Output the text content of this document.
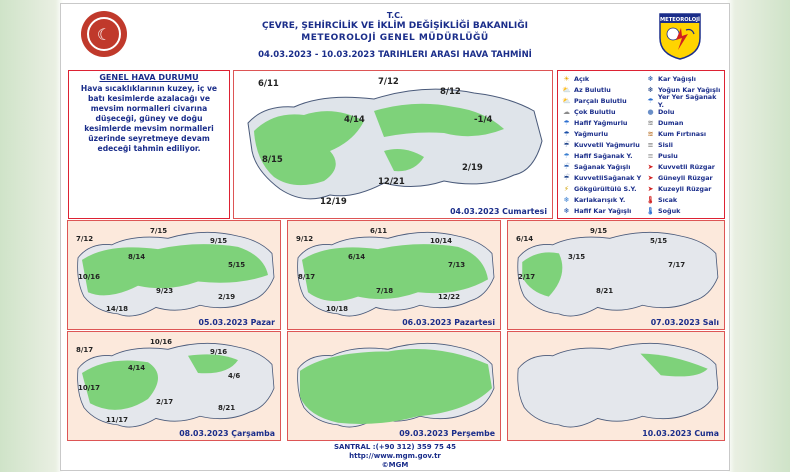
☾
T.C.
ÇEVRE, ŞEHİRCİLİK VE İKLİM DEĞİŞİKLİĞİ BAKANLIĞI
METEOROLOJİ GENEL MÜDÜRLÜĞÜ
04.03.2023 - 10.03.2023 TARIHLERI ARASI HAVA TAHMİNİ
METEOROLOJİ
GENEL HAVA DURUMU
Hava sıcaklıklarının kuzey, iç ve batı kesimlerde azalacağı ve mevsim normalleri civarına düşeceği, güney ve doğu kesimlerde mevsim normalleri üzerinde seyretmeye devam edeceği tahmin ediliyor.
04.03.2023 Cumartesi
6/11	7/12
8/12
4/14	-1/4
8/15
2/19
12/21
12/19
☀ Açık
⛅ Az Bulutlu
⛅ Parçalı Bulutlu
☁ Çok Bulutlu
☂ Hafif Yağmurlu
☂ Yağmurlu
☔ Kuvvetli Yağmurlu
☂ Hafif Sağanak Y.
☔ Sağanak Yağışlı
☔ KuvvetliSağanak Y
⚡ Gökgürültülü S.Y.
❄ Karlakarışık Y.
❄ Hafif Kar Yağışlı
❄ Kar Yağışlı
❄ Yoğun Kar Yağışlı
☂ Yer Yer Sağanak Y.
● Dolu
≋ Duman
≋ Kum Fırtınası
≡ Sisli
≡ Puslu
➤ Kuvvetli Rüzgar
➤ Güneyli Rüzgar
➤ Kuzeyli Rüzgar
🌡 Sıcak
🌡 Soğuk
05.03.2023 Pazar
7/12
7/15
9/15
8/14
5/15
10/16
9/23
14/18
2/19
06.03.2023 Pazartesi
9/12
6/11
10/14
6/14
7/13
8/17
7/18
10/18
12/22
07.03.2023 Salı
6/14
9/15
5/15
3/15
7/17
2/17
8/21
08.03.2023 Çarşamba
8/17
10/16
9/16
4/14
4/6
10/17
2/17
11/17
8/21
09.03.2023 Perşembe	10.03.2023 Cuma
SANTRAL :(+90 312) 359 75 45
http://www.mgm.gov.tr
©MGM
